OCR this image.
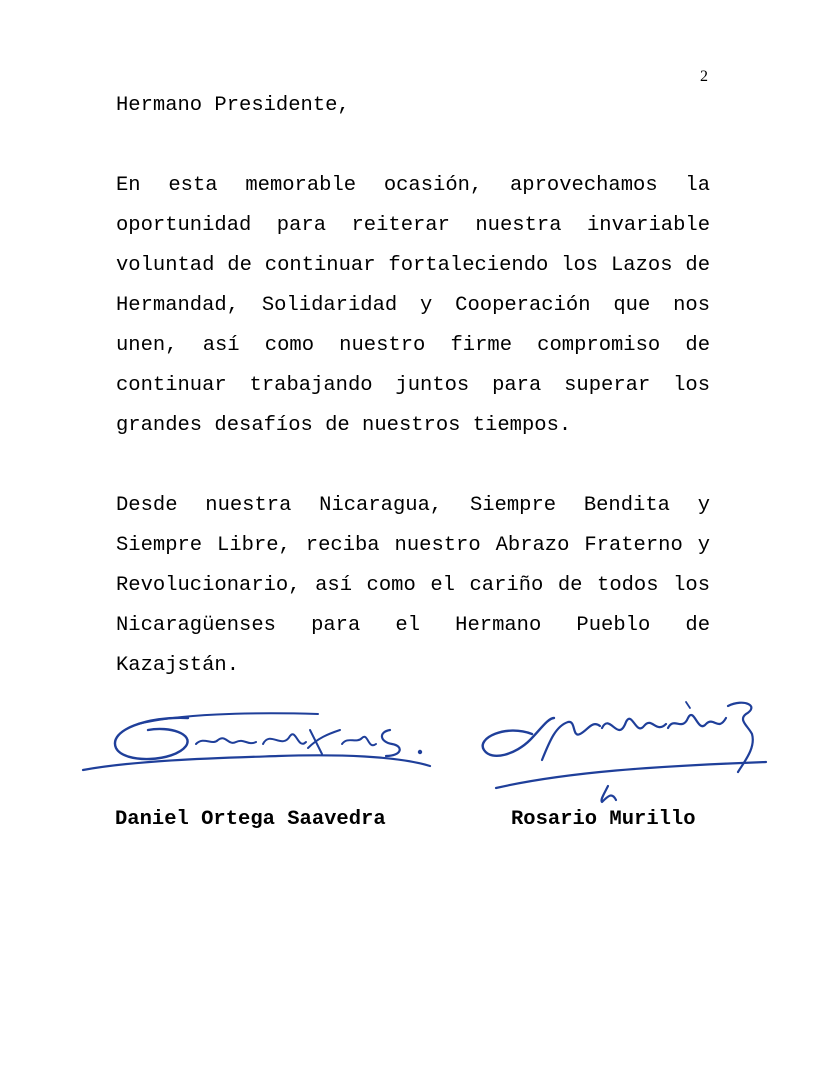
2

Hermano Presidente,

En esta memorable ocasión, aprovechamos la oportunidad para reiterar nuestra invariable voluntad de continuar fortaleciendo los Lazos de Hermandad, Solidaridad y Cooperación que nos unen, así como nuestro firme compromiso de continuar trabajando juntos para superar los grandes desafíos de nuestros tiempos.

Desde nuestra Nicaragua, Siempre Bendita y Siempre Libre, reciba nuestro Abrazo Fraterno y Revolucionario, así como el cariño de todos los Nicaragüenses para el Hermano Pueblo de Kazajstán.

Daniel Ortega Saavedra	Rosario Murillo
